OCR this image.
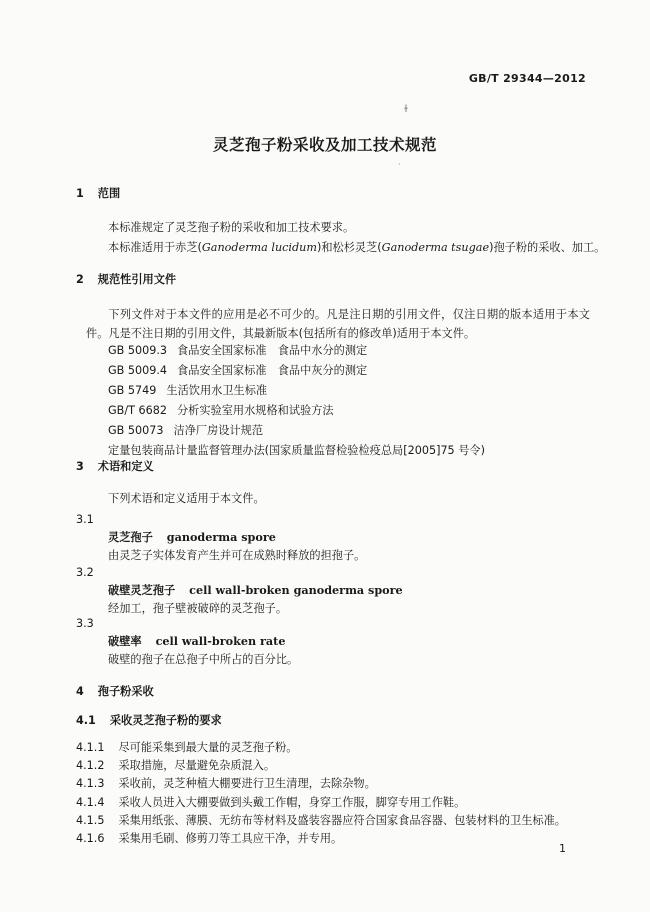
GB/T 29344—2012
ɫ
灵芝孢子粉采收及加工技术规范
·
1 范围
本标准规定了灵芝孢子粉的采收和加工技术要求。
本标准适用于赤芝(Ganoderma lucidum)和松杉灵芝(Ganoderma tsugae)孢子粉的采收、加工。
2 规范性引用文件
下列文件对于本文件的应用是必不可少的。凡是注日期的引用文件，仅注日期的版本适用于本文件。凡是不注日期的引用文件，其最新版本(包括所有的修改单)适用于本文件。
GB 5009.3 食品安全国家标准　食品中水分的测定
GB 5009.4 食品安全国家标准　食品中灰分的测定
GB 5749 生活饮用水卫生标准
GB/T 6682 分析实验室用水规格和试验方法
GB 50073 洁净厂房设计规范
定量包装商品计量监督管理办法(国家质量监督检验检疫总局[2005]75 号令)
3 术语和定义
下列术语和定义适用于本文件。
3.1
灵芝孢子 ganoderma spore
由灵芝子实体发育产生并可在成熟时释放的担孢子。
3.2
破壁灵芝孢子 cell wall-broken ganoderma spore
经加工，孢子壁被破碎的灵芝孢子。
3.3
破壁率 cell wall-broken rate
破壁的孢子在总孢子中所占的百分比。
4 孢子粉采收
4.1 采收灵芝孢子粉的要求
4.1.1 尽可能采集到最大量的灵芝孢子粉。
4.1.2 采取措施，尽量避免杂质混入。
4.1.3 采收前，灵芝种植大棚要进行卫生清理，去除杂物。
4.1.4 采收人员进入大棚要做到头戴工作帽，身穿工作服，脚穿专用工作鞋。
4.1.5 采集用纸张、薄膜、无纺布等材料及盛装容器应符合国家食品容器、包装材料的卫生标准。
4.1.6 采集用毛刷、修剪刀等工具应干净，并专用。
1
